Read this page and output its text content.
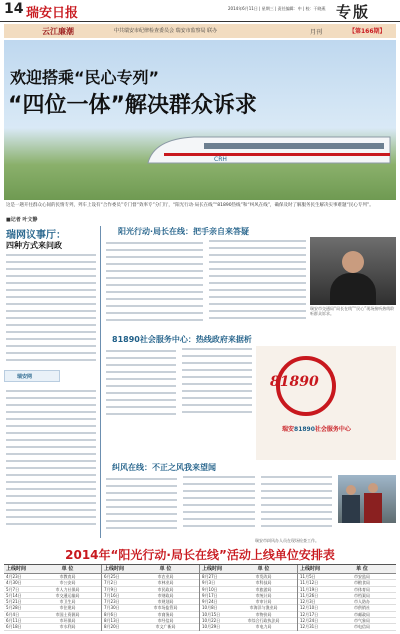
14 瑞安日报	2014年6月11日 | 星期三 | 责任编辑：中 | 校：干晓燕 专版
云江廉潮	中共瑞安市纪律检查委员会 瑞安市监察局 联办	月刊	【第166期】
欢迎搭乘“民心专列”
“四位一体”解决群众诉求
CRH
这是一趟开往群众心间的民情专列，列车上设有“合作委员”专门督“效率专”分门厅，“阳光行动·局长在线”“81890热线”和“纠风在线”，确保及时了解服务民生解决实事难题“民心专列”。
■记者 叶文静
瑞网议事厅：
四种方式来问政
瑞安网
阳光行动·局长在线：把手亲自来答疑
瑞安市交通局“局长在线”“民心”现场接听热线聆听群众诉求。
81890社会服务中心：热线政府来据析
81890
瑞安81890社会服务中心
纠风在线：不正之风我来望闻
瑞安市纠风办人员在现场检查工作。
2014年“阳光行动·局长在线”活动上线单位安排表
上线时间	单 位
4月23日	市教育局
4月30日	市公安局
5月7日	市人力社保局
5月14日	市交通运输局
5月21日	市卫生局
5月28日	市住建局
6月4日	市国土资源局
6月11日	市环保局
6月18日	市水利局
上线时间	单 位
6月25日	市农业局
7月2日	市林业局
7月9日	市民政局
7月16日	市财政局
7月23日	市规划局
7月30日	市市场监管局
8月6日	市商务局
8月13日	市经信局
8月20日	市文广新局
上线时间	单 位
8月27日	市发改局
9月3日	市科技局
9月10日	市旅游局
9月17日	市统计局
9月24日	市审计局
10月8日	市海洋与渔业局
10月15日	市物价局
10月22日	市综合行政执法局
10月29日	市电力局
上线时间	单 位
11月5日	市安监局
11月12日	市粮食局
11月19日	市体育局
11月26日	市档案局
12月3日	市人防办
12月10日	市供销社
12月17日	市邮政局
12月24日	市气象局
12月31日	市电信局
